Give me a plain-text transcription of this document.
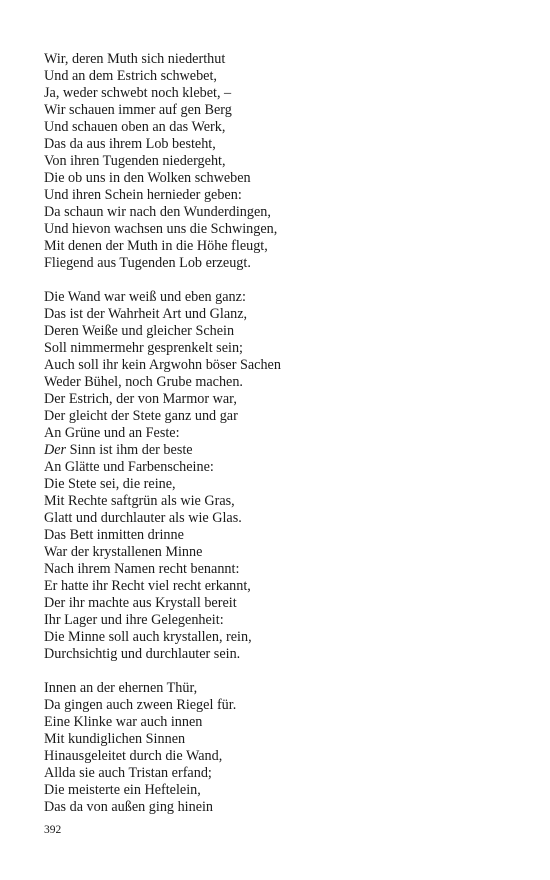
Wir, deren Muth sich niederthut
Und an dem Estrich schwebet,
Ja, weder schwebt noch klebet, –
Wir schauen immer auf gen Berg
Und schauen oben an das Werk,
Das da aus ihrem Lob besteht,
Von ihren Tugenden niedergeht,
Die ob uns in den Wolken schweben
Und ihren Schein hernieder geben:
Da schaun wir nach den Wunderdingen,
Und hievon wachsen uns die Schwingen,
Mit denen der Muth in die Höhe fleugt,
Fliegend aus Tugenden Lob erzeugt.
Die Wand war weiß und eben ganz:
Das ist der Wahrheit Art und Glanz,
Deren Weiße und gleicher Schein
Soll nimmermehr gesprenkelt sein;
Auch soll ihr kein Argwohn böser Sachen
Weder Bühel, noch Grube machen.
Der Estrich, der von Marmor war,
Der gleicht der Stete ganz und gar
An Grüne und an Feste:
Der Sinn ist ihm der beste
An Glätte und Farbenscheine:
Die Stete sei, die reine,
Mit Rechte saftgrün als wie Gras,
Glatt und durchlauter als wie Glas.
Das Bett inmitten drinne
War der krystallenen Minne
Nach ihrem Namen recht benannt:
Er hatte ihr Recht viel recht erkannt,
Der ihr machte aus Krystall bereit
Ihr Lager und ihre Gelegenheit:
Die Minne soll auch krystallen, rein,
Durchsichtig und durchlauter sein.
Innen an der ehernen Thür,
Da gingen auch zween Riegel für.
Eine Klinke war auch innen
Mit kundiglichen Sinnen
Hinausgeleitet durch die Wand,
Allda sie auch Tristan erfand;
Die meisterte ein Heftelein,
Das da von außen ging hinein
392
